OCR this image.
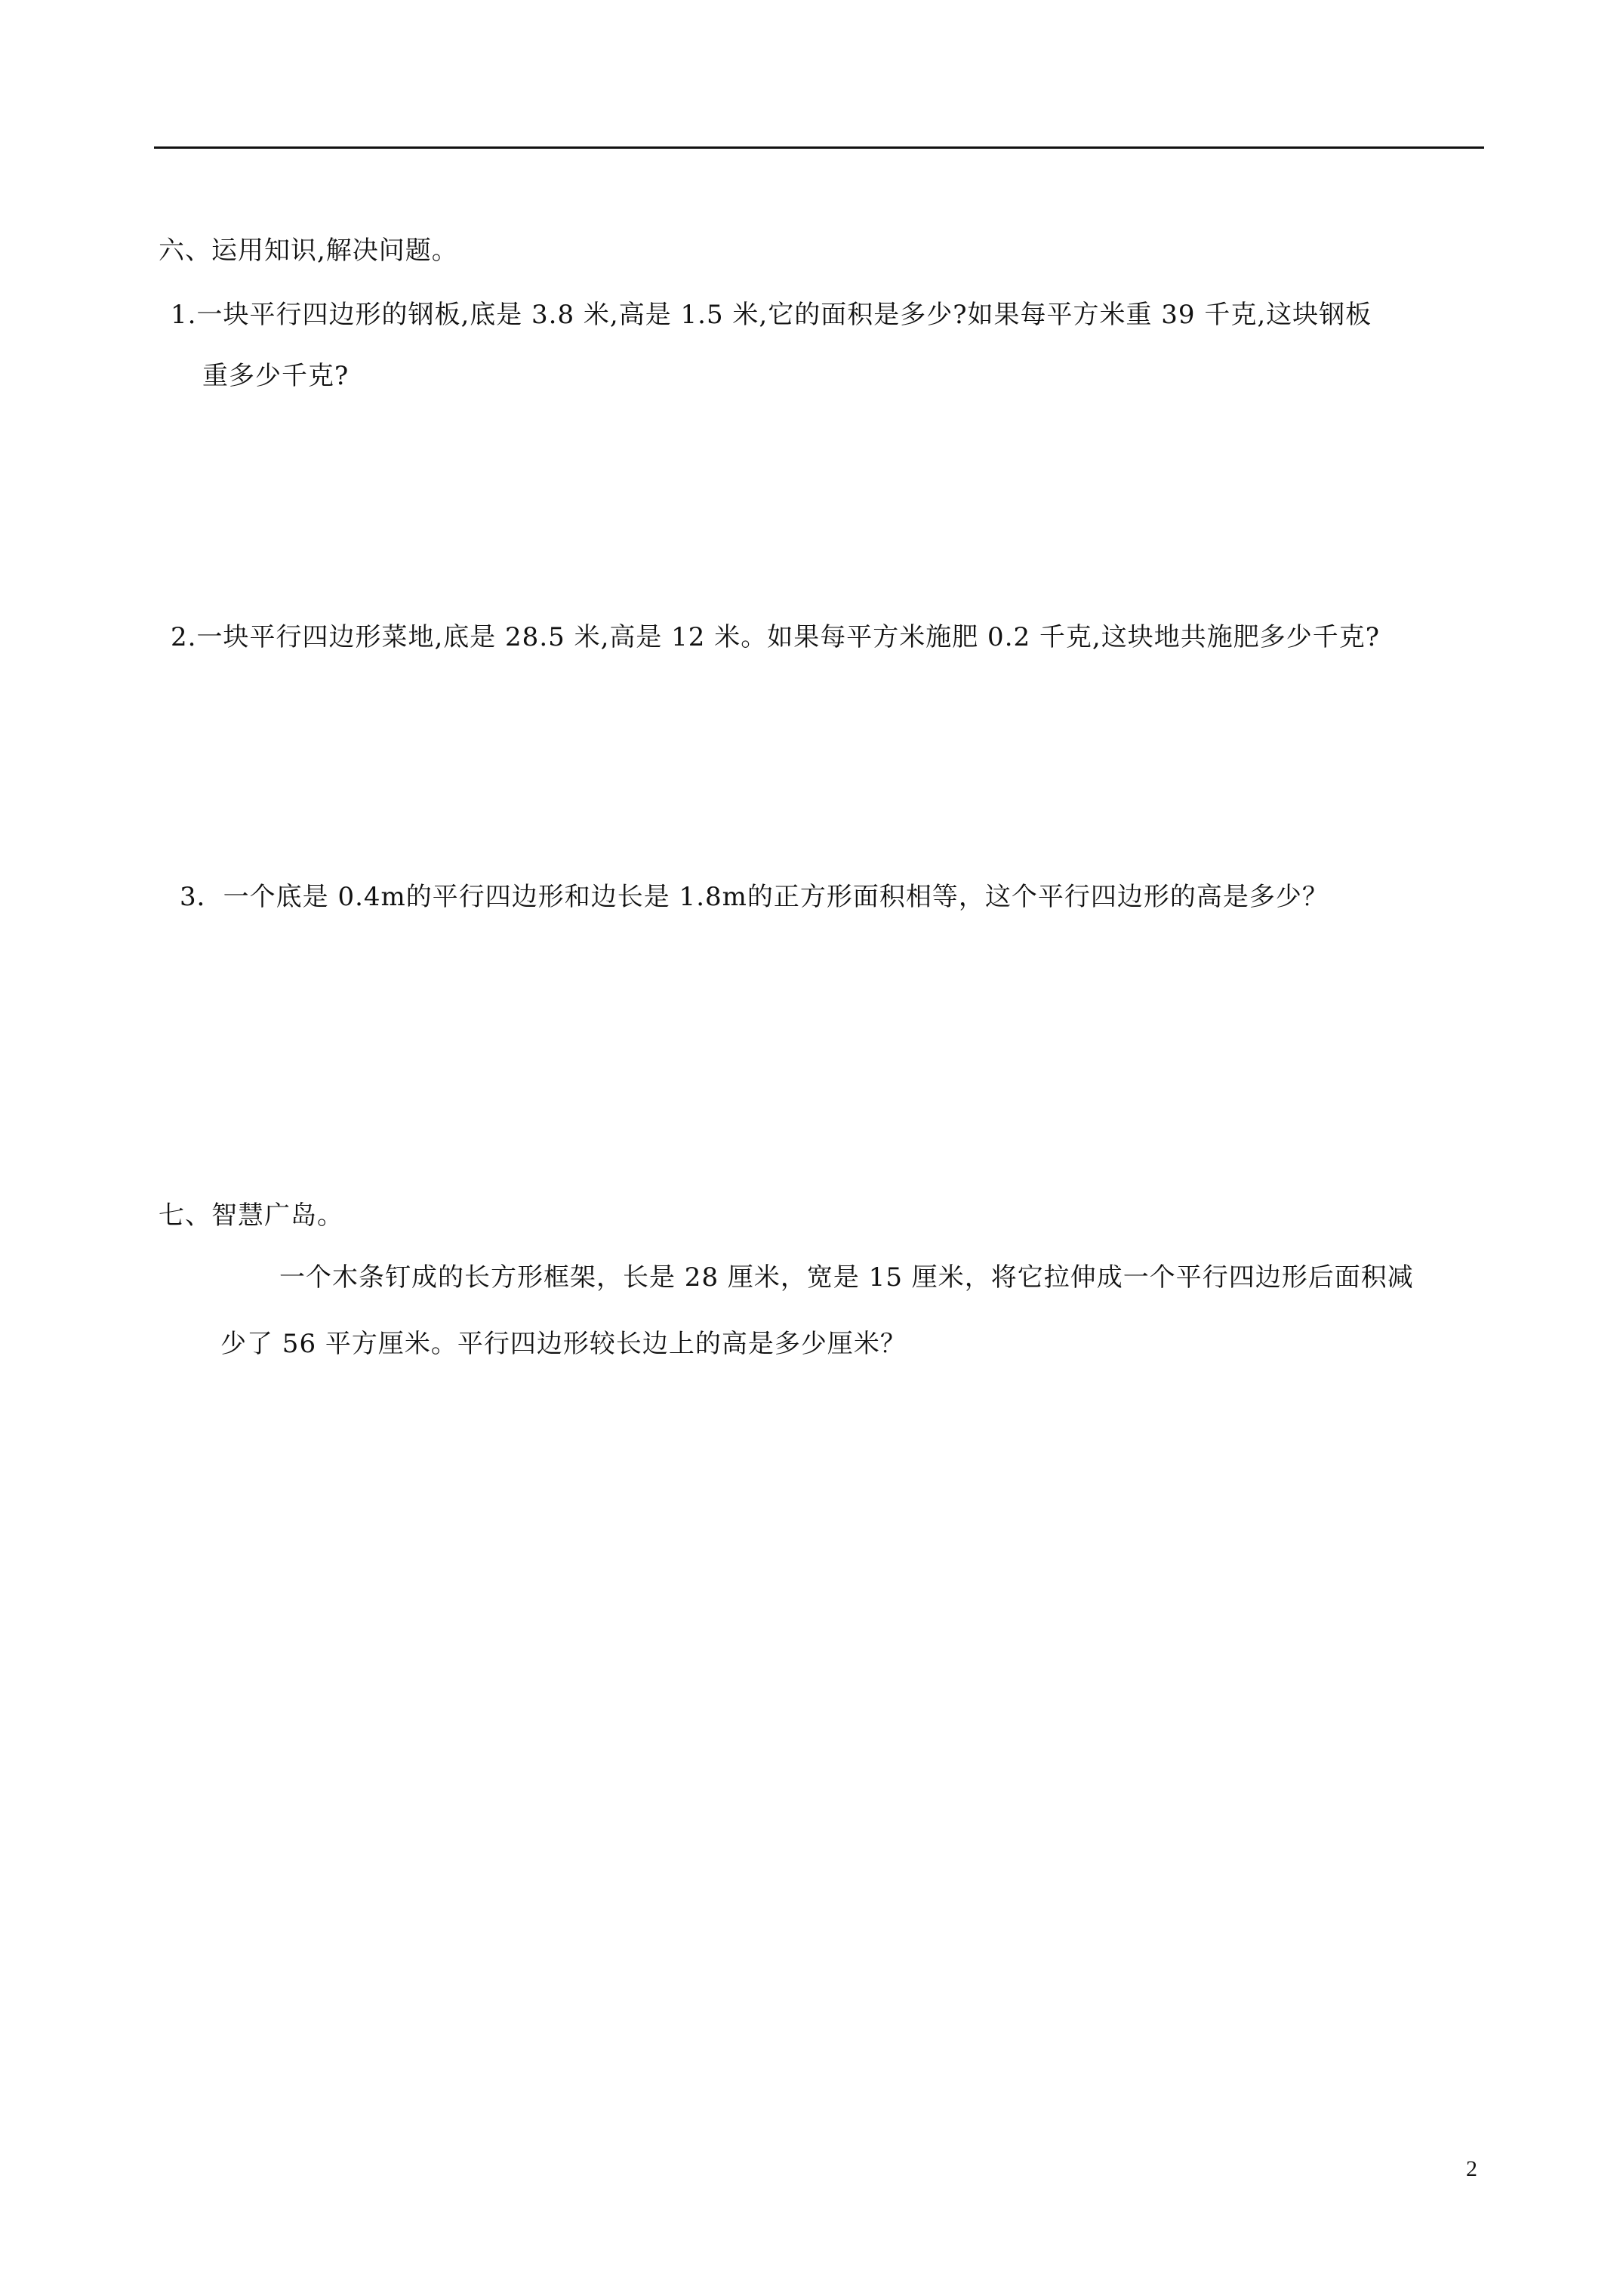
六、运用知识,解决问题。
1.一块平行四边形的钢板,底是 3.8 米,高是 1.5 米,它的面积是多少?如果每平方米重 39 千克,这块钢板
重多少千克?
2.一块平行四边形菜地,底是 28.5 米,高是 12 米。如果每平方米施肥 0.2 千克,这块地共施肥多少千克?
3．一个底是 0.4m的平行四边形和边长是 1.8m的正方形面积相等，这个平行四边形的高是多少？
七、智慧广岛。
一个木条钉成的长方形框架，长是 28 厘米，宽是 15 厘米，将它拉伸成一个平行四边形后面积减
少了 56 平方厘米。平行四边形较长边上的高是多少厘米？
2
